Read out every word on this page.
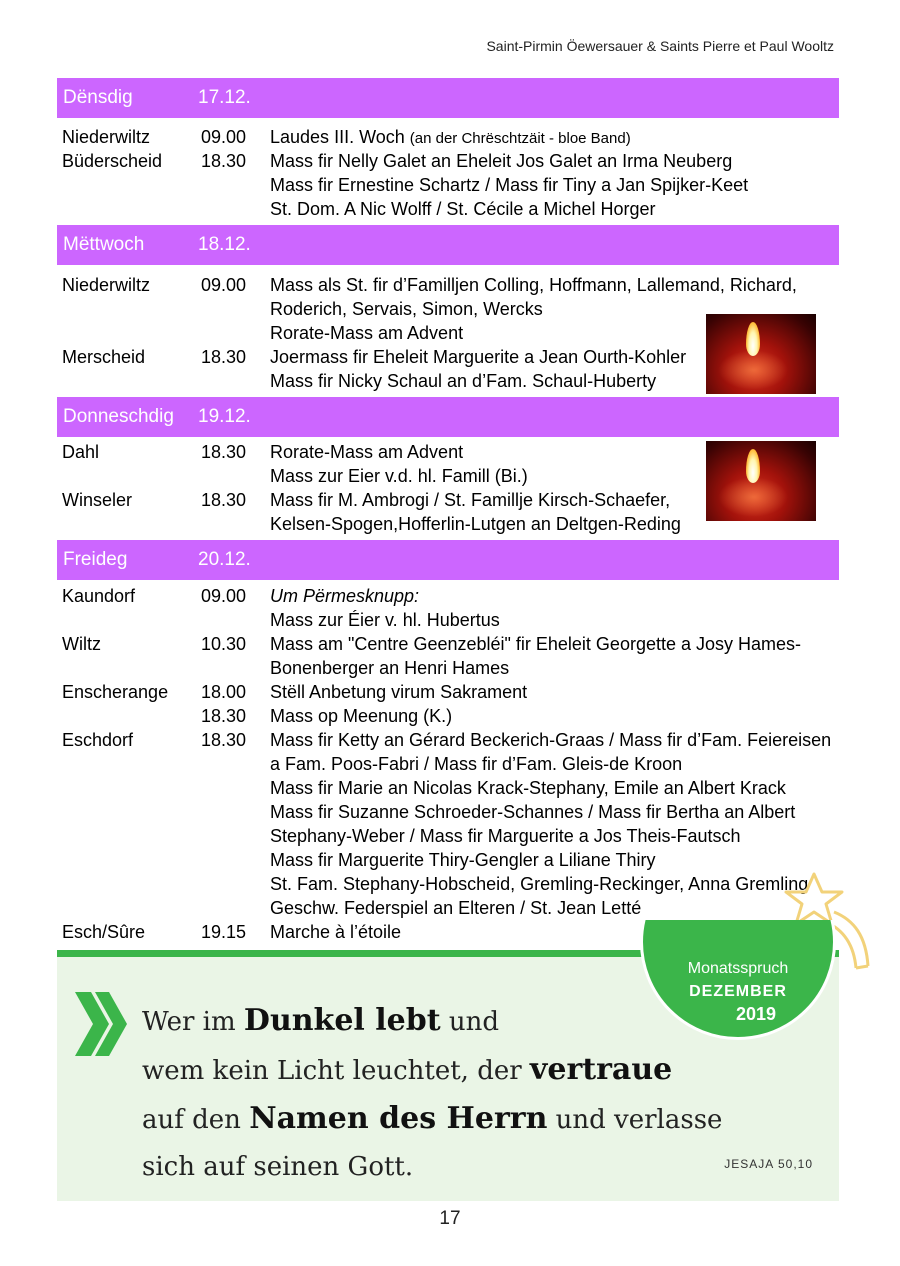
Saint-Pirmin Öewersauer & Saints Pierre et Paul Wooltz
Dënsdig	17.12.
Niederwiltz	09.00 Laudes III. Woch (an der Chrëschtzäit - bloe Band)
Büderscheid 18.30 Mass fir Nelly Galet an Eheleit Jos Galet an Irma Neuberg
Mass fir Ernestine Schartz / Mass fir Tiny a Jan Spijker-Keet
St. Dom. A Nic Wolff / St. Cécile a Michel Horger
Mëttwoch	18.12.
Niederwiltz	09.00 Mass als St. fir d’Familljen Colling, Hoffmann, Lallemand, Richard,
Roderich, Servais, Simon, Wercks
Rorate-Mass am Advent
Merscheid	18.30 Joermass fir Eheleit Marguerite a Jean Ourth-Kohler
Mass fir Nicky Schaul an d’Fam. Schaul-Huberty
Donneschdig 19.12.
Dahl	18.30 Rorate-Mass am Advent
Mass zur Eier v.d. hl. Famill (Bi.)
Winseler	18.30 Mass fir M. Ambrogi / St. Famillje Kirsch-Schaefer,
Kelsen-Spogen,Hofferlin-Lutgen an Deltgen-Reding
Freideg	20.12.
Kaundorf	09.00 Um Përmesknupp:
Mass zur Éier v. hl. Hubertus
Wiltz	10.30 Mass am "Centre Geenzebléi" fir Eheleit Georgette a Josy Hames-
Bonenberger an Henri Hames
Enscherange 18.00 Stëll Anbetung virum Sakrament
18.30 Mass op Meenung (K.)
Eschdorf	18.30 Mass fir Ketty an Gérard Beckerich-Graas / Mass fir d’Fam. Feiereisen
a Fam. Poos-Fabri / Mass fir d’Fam. Gleis-de Kroon
Mass fir Marie an Nicolas Krack-Stephany, Emile an Albert Krack
Mass fir Suzanne Schroeder-Schannes / Mass fir Bertha an Albert
Stephany-Weber / Mass fir Marguerite a Jos Theis-Fautsch
Mass fir Marguerite Thiry-Gengler a Liliane Thiry
St. Fam. Stephany-Hobscheid, Gremling-Reckinger, Anna Gremling
Geschw. Federspiel an Elteren / St. Jean Letté
Esch/Sûre	19.15 Marche à l’étoile
Wer im Dunkel lebt und
wem kein Licht leuchtet, der vertraue
auf den Namen des Herrn und verlasse
sich auf seinen Gott.	JESAJA 50,10
Monatsspruch
DEZEMBER
2019
17
